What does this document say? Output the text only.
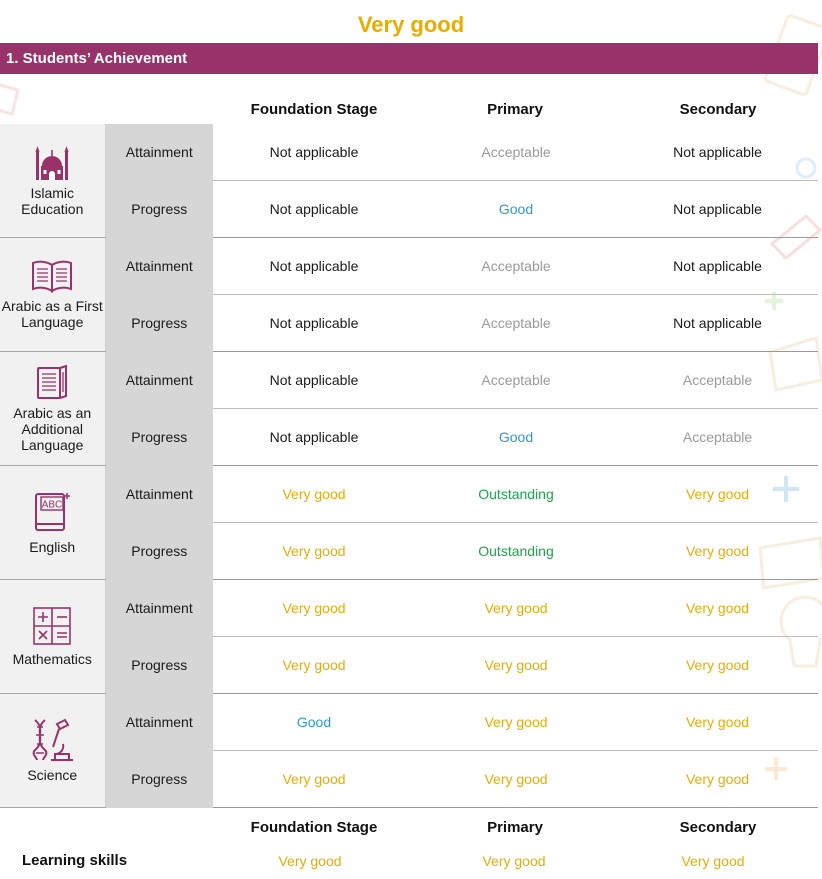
Very good
1. Students’ Achievement
Foundation Stage	Primary	Secondary
Islamic Education	Attainment	Not applicable	Acceptable	Not applicable
	Progress	Not applicable	Good	Not applicable

Arabic as a First Language	Attainment	Not applicable	Acceptable	Not applicable
	Progress	Not applicable	Acceptable	Not applicable

Arabic as an Additional Language	Attainment	Not applicable	Acceptable	Acceptable
	Progress	Not applicable	Good	Acceptable

ABC
English	Attainment	Very good	Outstanding	Very good
	Progress	Very good	Outstanding	Very good

Mathematics	Attainment	Very good	Very good	Very good
	Progress	Very good	Very good	Very good

Science	Attainment	Good	Very good	Very good
	Progress	Very good	Very good	Very good
Foundation Stage	Primary	Secondary
Learning skills	Very good	Very good	Very good
